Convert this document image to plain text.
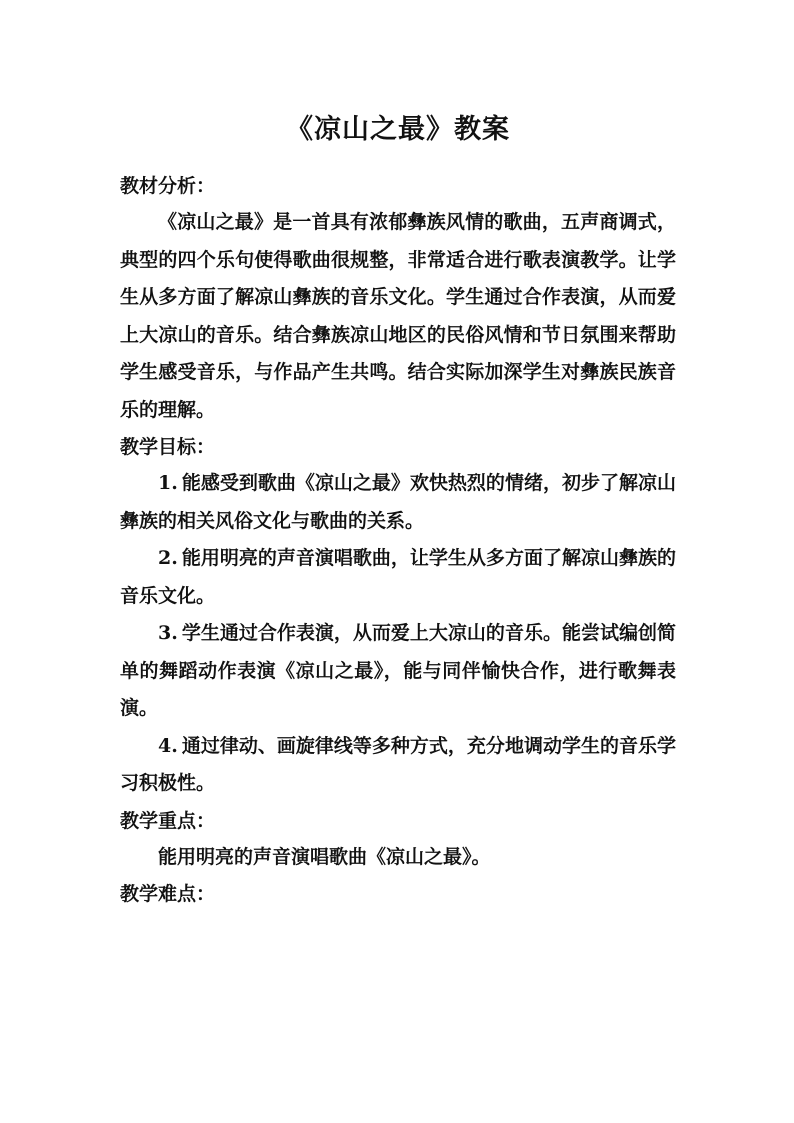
《凉山之最》教案

教材分析：

《凉山之最》是一首具有浓郁彝族风情的歌曲，五声商调式，典型的四个乐句使得歌曲很规整，非常适合进行歌表演教学。让学生从多方面了解凉山彝族的音乐文化。学生通过合作表演，从而爱上大凉山的音乐。结合彝族凉山地区的民俗风情和节日氛围来帮助学生感受音乐，与作品产生共鸣。结合实际加深学生对彝族民族音乐的理解。

教学目标：

1. 能感受到歌曲《凉山之最》欢快热烈的情绪，初步了解凉山彝族的相关风俗文化与歌曲的关系。

2. 能用明亮的声音演唱歌曲，让学生从多方面了解凉山彝族的音乐文化。

3. 学生通过合作表演，从而爱上大凉山的音乐。能尝试编创简单的舞蹈动作表演《凉山之最》，能与同伴愉快合作，进行歌舞表演。

4. 通过律动、画旋律线等多种方式，充分地调动学生的音乐学习积极性。

教学重点：

能用明亮的声音演唱歌曲《凉山之最》。

教学难点：
